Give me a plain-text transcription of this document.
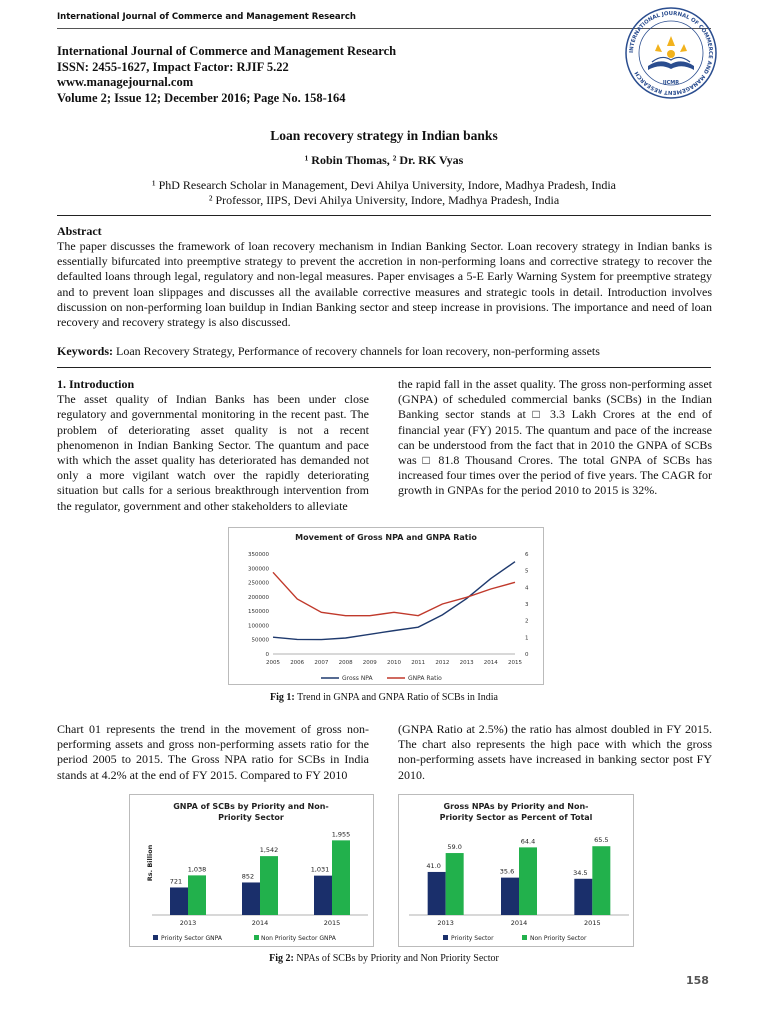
International Journal of Commerce and Management Research
International Journal of Commerce and Management Research
ISSN: 2455-1627, Impact Factor: RJIF 5.22
www.managejournal.com
Volume 2; Issue 12; December 2016; Page No. 158-164
INTERNATIONAL JOURNAL OF COMMERCE AND MANAGEMENT RESEARCH
IJCMR
Loan recovery strategy in Indian banks
¹ Robin Thomas, ² Dr. RK Vyas
¹ PhD Research Scholar in Management, Devi Ahilya University, Indore, Madhya Pradesh, India
² Professor, IIPS, Devi Ahilya University, Indore, Madhya Pradesh, India
Abstract
The paper discusses the framework of loan recovery mechanism in Indian Banking Sector. Loan recovery strategy in Indian banks is essentially bifurcated into preemptive strategy to prevent the accretion in non-performing loans and corrective strategy to recover the defaulted loans through legal, regulatory and non-legal measures. Paper envisages a 5-E Early Warning System for preemptive strategy and to prevent loan slippages and discusses all the available corrective measures and strategic tools in detail. Introduction involves discussion on non-performing loan buildup in Indian Banking sector and steep increase in provisions. The importance and need of loan recovery and recovery strategy is also discussed.
Keywords: Loan Recovery Strategy, Performance of recovery channels for loan recovery, non-performing assets
1. Introduction
The asset quality of Indian Banks has been under close regulatory and governmental monitoring in the recent past. The problem of deteriorating asset quality is not a recent phenomenon in Indian Banking Sector. The quantum and pace with which the asset quality has deteriorated has demanded not only a more vigilant watch over the rapidly deteriorating situation but calls for a serious breakthrough intervention from the regulator, government and other stakeholders to alleviate
the rapid fall in the asset quality. The gross non-performing asset (GNPA) of scheduled commercial banks (SCBs) in the Indian Banking sector stands at □ 3.3 Lakh Crores at the end of financial year (FY) 2015. The quantum and pace of the increase can be understood from the fact that in 2010 the GNPA of SCBs was □ 81.8 Thousand Crores. The total GNPA of SCBs has increased four times over the period of five years. The CAGR for growth in GNPAs for the period 2010 to 2015 is 32%.
Movement of Gross NPA and GNPA Ratio
0
50000
100000
150000
200000
250000
300000
350000
0
1
2
3
4
5
6
2005 2006 2007 2008 2009 2010 2011 2012 2013 2014 2015
Gross NPA	GNPA Ratio
Fig 1: Trend in GNPA and GNPA Ratio of SCBs in India
Chart 01 represents the trend in the movement of gross non-performing assets and gross non-performing assets ratio for the period 2005 to 2015. The Gross NPA ratio for SCBs in India stands at 4.2% at the end of FY 2015. Compared to FY 2010
(GNPA Ratio at 2.5%) the ratio has almost doubled in FY 2015. The chart also represents the high pace with which the gross non-performing assets have increased in banking sector post FY 2010.
GNPA of SCBs by Priority and Non-
Priority Sector
Rs. Billion
721
1,038
2013
852
1,542
2014
1,031
1,955
2015
Priority Sector GNPA	Non Priority Sector GNPA
Gross NPAs by Priority and Non-
Priority Sector as Percent of Total
41.0
59.0
2013
35.6
64.4
2014
34.5
65.5
2015
Priority Sector	Non Priority Sector
Fig 2: NPAs of SCBs by Priority and Non Priority Sector
158
